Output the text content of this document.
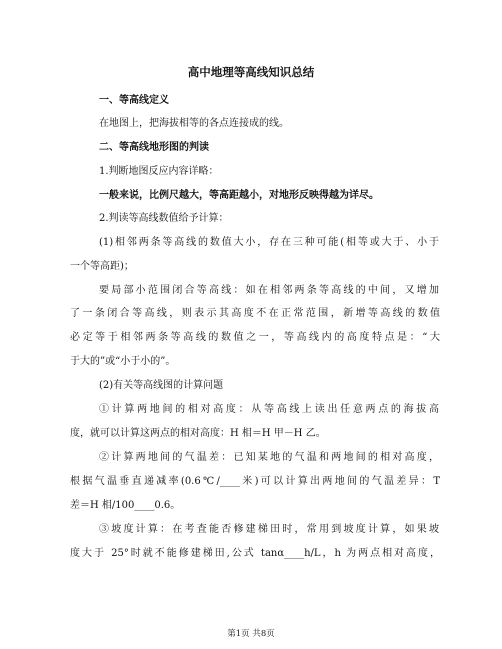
高中地理等高线知识总结
一、等高线定义
在地图上，把海拔相等的各点连接成的线。
二、等高线地形图的判读
1.判断地图反应内容详略：
一般来说，比例尺越大，等高距越小，对地形反映得越为详尽。
2.判读等高线数值给予计算：
(1)相邻两条等高线的数值大小，存在三种可能(相等或大于、小于
一个等高距)；
要局部小范围闭合等高线：如在相邻两条等高线的中间，又增加
了一条闭合等高线，则表示其高度不在正常范围，新增等高线的数值
必定等于相邻两条等高线的数值之一，等高线内的高度特点是：“大
于大的”或“小于小的”。
(2)有关等高线图的计算问题
①计算两地间的相对高度：从等高线上读出任意两点的海拔高
度，就可以计算这两点的相对高度：H 相＝H 甲－H 乙。
②计算两地间的气温差：已知某地的气温和两地间的相对高度，
根据气温垂直递减率(0.6℃/____米)可以计算出两地间的气温差异：T
差＝H 相/100____0.6。
③坡度计算：在考査能否修建梯田时，常用到坡度计算，如果坡
度大于 25°时就不能修建梯田,公式 tanα____h/L，h 为两点相对高度，
第1页 共8页
